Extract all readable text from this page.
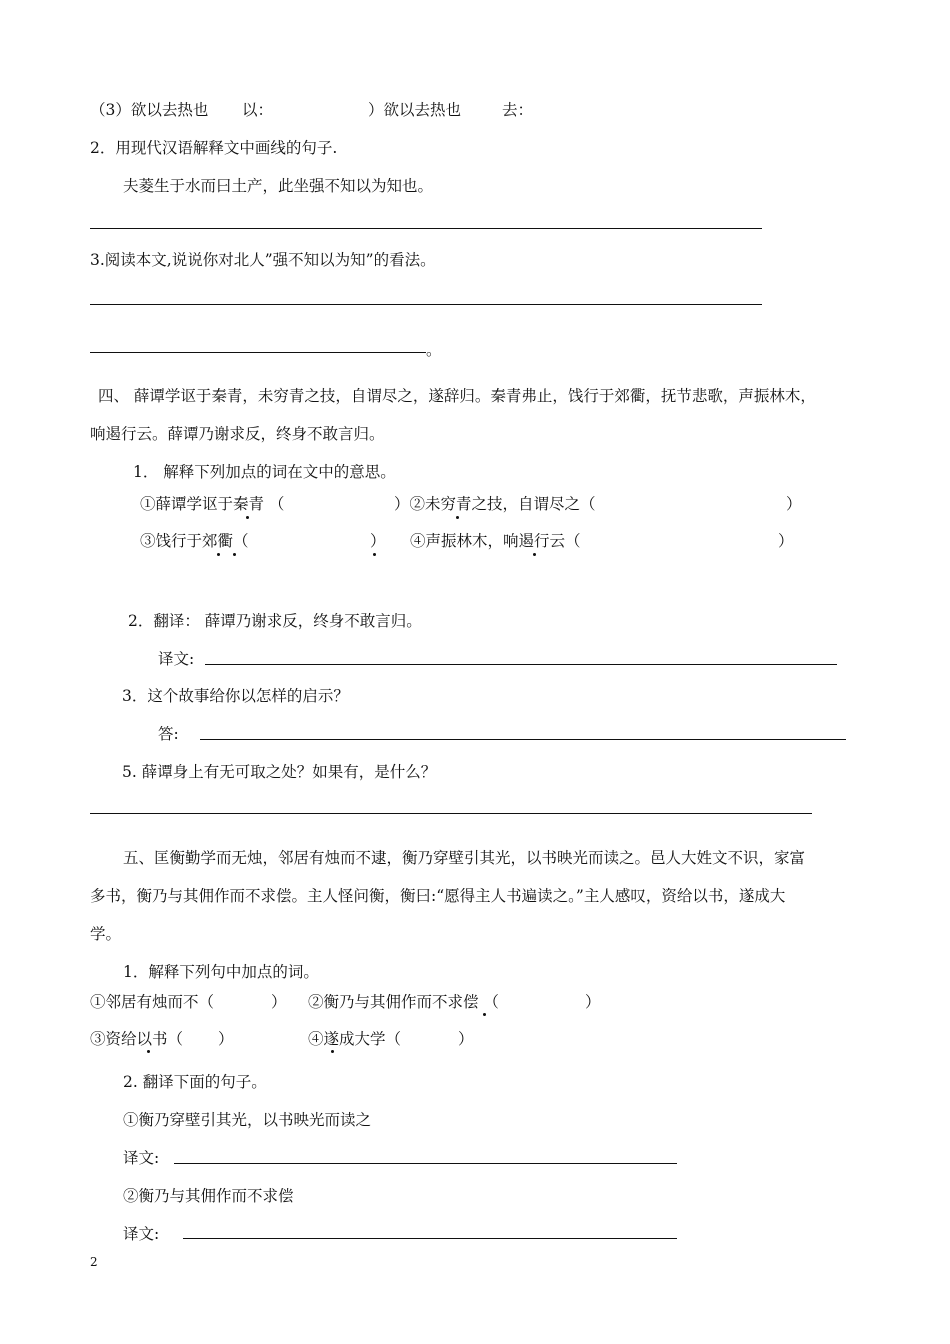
（3）欲以去热也 以：	）欲以去热也	去：
2．用现代汉语解释文中画线的句子.
夫菱生于水而曰土产，此坐强不知以为知也。
3.阅读本文,说说你对北人”强不知以为知”的看法。
。
四、 薛谭学讴于秦青，未穷青之技，自谓尽之，遂辞归。秦青弗止，饯行于郊衢，抚节悲歌，声振林木，
响遏行云。薛谭乃谢求反，终身不敢言归。
1． 解释下列加点的词在文中的意思。
①薛谭学讴于秦青 （	）②未穷青之技，自谓尽之（	）
③饯行于郊衢（	） ④声振林木，响遏行云（	）
2．翻译： 薛谭乃谢求反，终身不敢言归。
译文:
3．这个故事给你以怎样的启示？
答:
5. 薛谭身上有无可取之处？如果有，是什么？
五、匡衡勤学而无烛，邻居有烛而不逮，衡乃穿壁引其光，以书映光而读之。邑人大姓文不识，家富
多书，衡乃与其佣作而不求偿。主人怪问衡，衡曰:“愿得主人书遍读之。”主人感叹，资给以书，遂成大
学。
1．解释下列句中加点的词。
①邻居有烛而不（	） ②衡乃与其佣作而不求偿 （	）
③资给以书（ ）	④遂成大学（	）
2. 翻译下面的句子。
①衡乃穿壁引其光，以书映光而读之
译文:
②衡乃与其佣作而不求偿
译文:
2
